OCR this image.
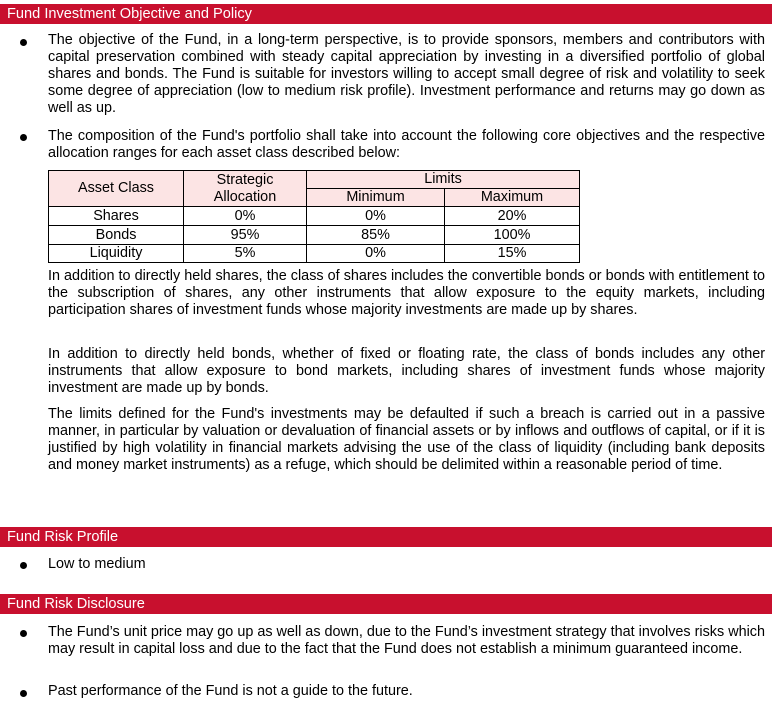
Fund Investment Objective and Policy
The objective of the Fund, in a long-term perspective, is to provide sponsors, members and contributors with capital preservation combined with steady capital appreciation by investing in a diversified portfolio of global shares and bonds. The Fund is suitable for investors willing to accept small degree of risk and volatility to seek some degree of appreciation (low to medium risk profile). Investment performance and returns may go down as well as up.
The composition of the Fund's portfolio shall take into account the following core objectives and the respective allocation ranges for each asset class described below:
Asset Class	Strategic Allocation	Limits	
		Minimum	Maximum
Shares	0%	0%	20%
Bonds	95%	85%	100%
Liquidity	5%	0%	15%
In addition to directly held shares, the class of shares includes the convertible bonds or bonds with entitlement to the subscription of shares, any other instruments that allow exposure to the equity markets, including participation shares of investment funds whose majority investments are made up by shares.
In addition to directly held bonds, whether of fixed or floating rate, the class of bonds includes any other instruments that allow exposure to bond markets, including shares of investment funds whose majority investment are made up by bonds.
The limits defined for the Fund's investments may be defaulted if such a breach is carried out in a passive manner, in particular by valuation or devaluation of financial assets or by inflows and outflows of capital, or if it is justified by high volatility in financial markets advising the use of the class of liquidity (including bank deposits and money market instruments) as a refuge, which should be delimited within a reasonable period of time.
Fund Risk Profile
Low to medium
Fund Risk Disclosure
The Fund’s unit price may go up as well as down, due to the Fund’s investment strategy that involves risks which may result in capital loss and due to the fact that the Fund does not establish a minimum guaranteed income.
Past performance of the Fund is not a guide to the future.
